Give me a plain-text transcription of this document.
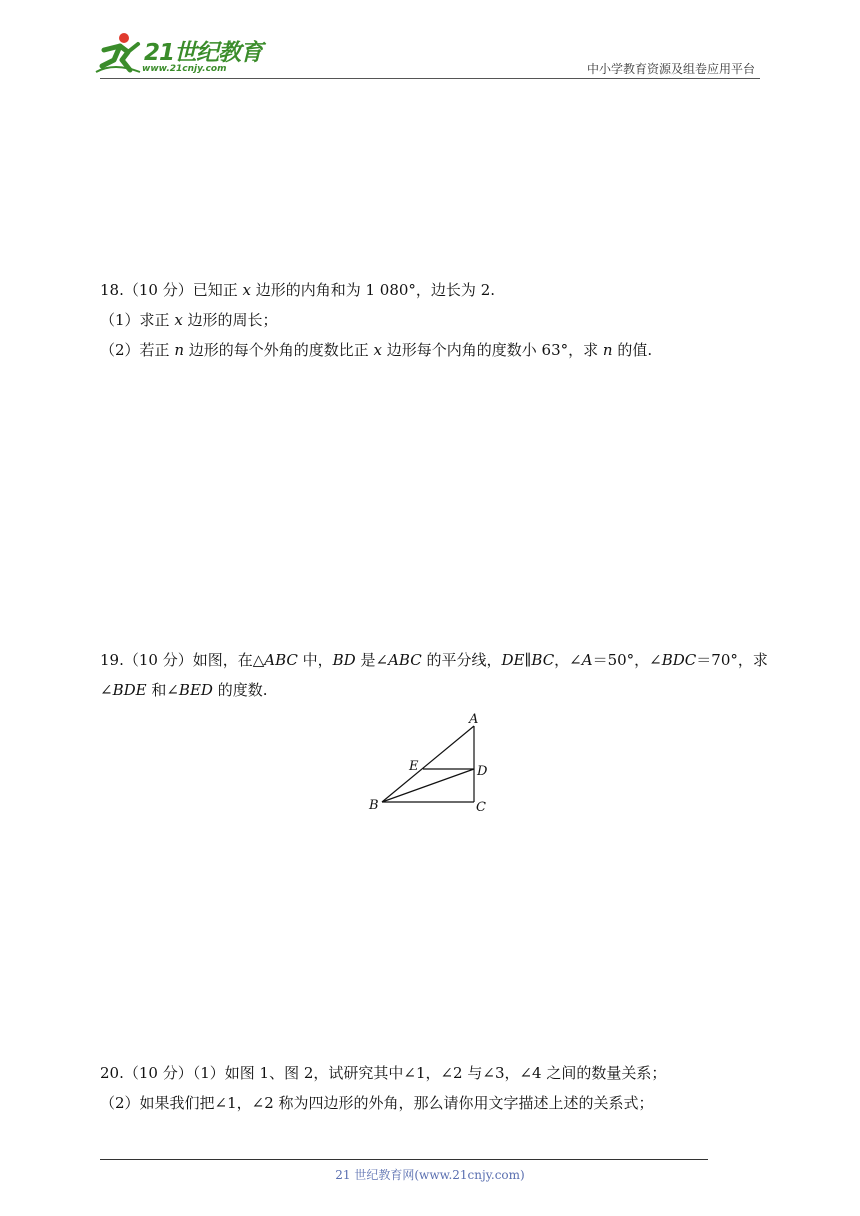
21世纪教育
www.21cnjy.com	中小学教育资源及组卷应用平台

18.（10 分）已知正 x 边形的内角和为 1 080°，边长为 2.

（1）求正 x 边形的周长；

（2）若正 n 边形的每个外角的度数比正 x 边形每个内角的度数小 63°，求 n 的值.

19.（10 分）如图，在△ABC 中，BD 是∠ABC 的平分线，DE∥BC，∠A＝50°，∠BDC＝70°，求∠BDE 和∠BED 的度数.

A
E	D
B	C

20.（10 分）（1）如图 1、图 2，试研究其中∠1，∠2 与∠3，∠4 之间的数量关系；

（2）如果我们把∠1，∠2 称为四边形的外角，那么请你用文字描述上述的关系式；

21 世纪教育网(www.21cnjy.com)
